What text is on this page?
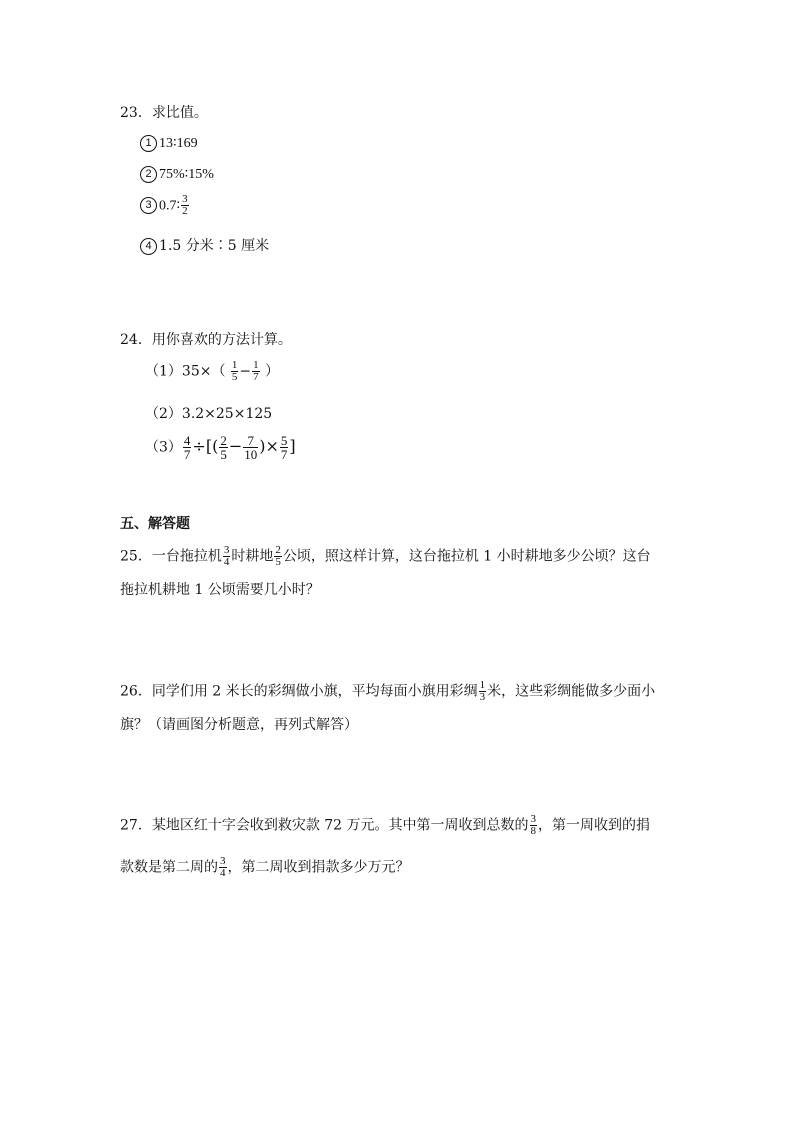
23．求比值。
1 13∶169
2 75%∶15%
3 0.7∶ $\frac{3}{2}$
4 1.5 分米∶5 厘米
24．用你喜欢的方法计算。
$(1)35\times( \frac{1}{5} - \frac{1}{7}$ ）
（2）3.2×25×125
$(3) \frac{4}{7}$ ÷[( $\frac{2}{5} - \frac{7}{10}$ )× $\frac{5}{7}$ ]
五、解答题
25．一台拖拉机 $\frac{3}{4}$ 时耕地 $\frac{2}{5}$ 公顷，照这样计算，这台拖拉机 1 小时耕地多少公顷？这台
拖拉机耕地 1 公顷需要几小时？
26．同学们用 2 米长的彩绸做小旗，平均每面小旗用彩绸 $\frac{1}{3}$ 米，这些彩绸能做多少面小
旗？（请画图分析题意，再列式解答）
27．某地区红十字会收到救灾款 72 万元。其中第一周收到总数的 $\frac{3}{8}$ ，第一周收到的捐
款数是第二周的 $\frac{3}{4}$ ，第二周收到捐款多少万元？
